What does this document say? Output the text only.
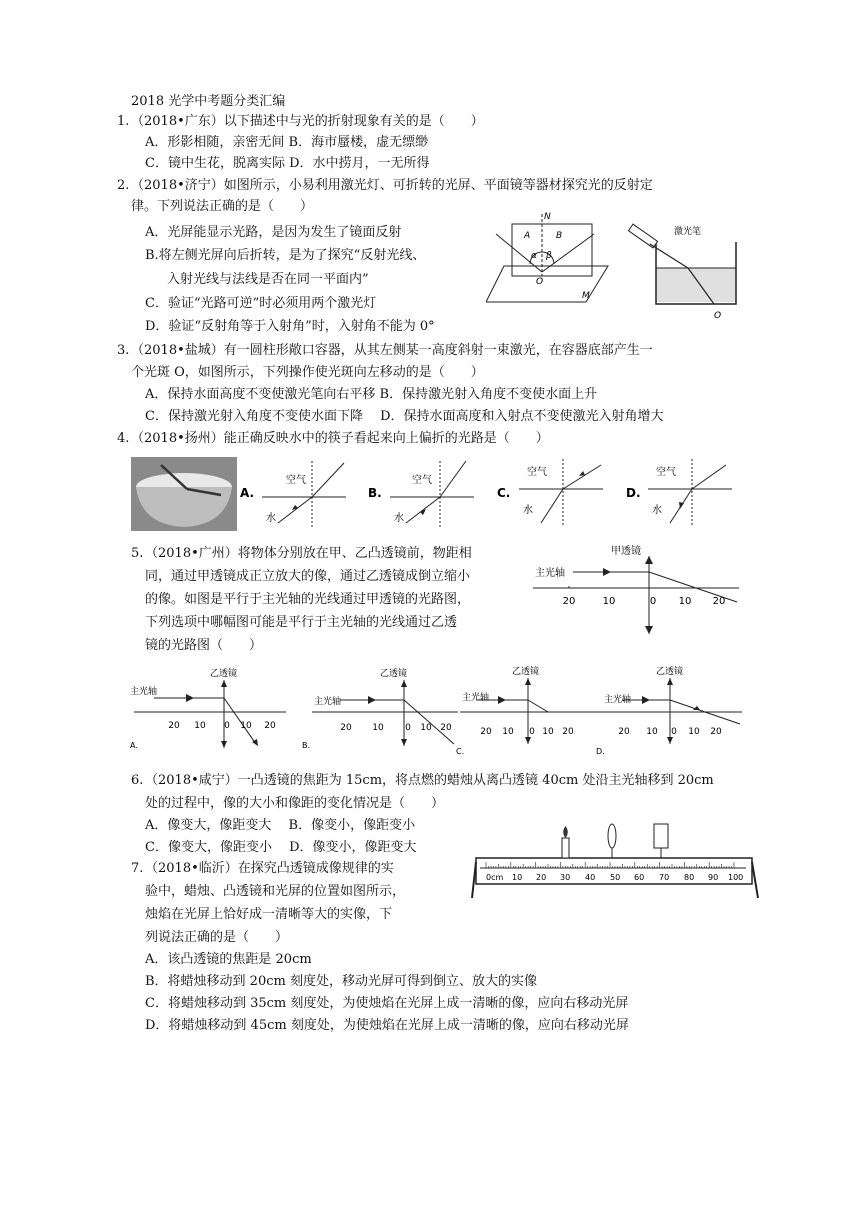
2018 光学中考题分类汇编
1. （2018•广东）以下描述中与光的折射现象有关的是（　　）
A．形影相随，亲密无间 B．海市蜃楼，虚无缥缈
C．镜中生花，脱离实际 D．水中捞月，一无所得
2. （2018•济宁）如图所示，小易利用激光灯、可折转的光屏、平面镜等器材探究光的反射定
律。下列说法正确的是（　　）
A．光屏能显示光路，是因为发生了镜面反射
B.将左侧光屏向后折转，是为了探究“反射光线、
入射光线与法线是否在同一平面内”
C．验证“光路可逆”时必须用两个激光灯
D．验证“反射角等于入射角”时，入射角不能为 0°
N
A	B
α β
O
M
激光笔
O
3. （2018•盐城）有一圆柱形敞口容器，从其左侧某一高度斜射一束激光，在容器底部产生一
个光斑 O，如图所示，下列操作使光斑向左移动的是（　　）
A．保持水面高度不变使激光笔向右平移 B．保持激光射入角度不变使水面上升
C．保持激光射入角度不变使水面下降　 D．保持水面高度和入射点不变使激光入射角增大
4. （2018•扬州）能正确反映水中的筷子看起来向上偏折的光路是（　　）
A.
空气
水
B.
空气
水
C.
空气
水
D.
空气
水
5. （2018•广州）将物体分别放在甲、乙凸透镜前，物距相
同，通过甲透镜成正立放大的像，通过乙透镜成倒立缩小
的像。如图是平行于主光轴的光线通过甲透镜的光路图，
下列选项中哪幅图可能是平行于主光轴的光线通过乙透
镜的光路图（　　）
甲透镜
主光轴
20	10	0 10 20
乙透镜
主光轴
20 10 0 10 20
A.
乙透镜
主光轴
20 10 0 10 20
B.
乙透镜
主光轴
20 10 0 10 20
C.
乙透镜
主光轴
20 10 0 10 20
D.
6. （2018•咸宁）一凸透镜的焦距为 15cm，将点燃的蜡烛从离凸透镜 40cm 处沿主光轴移到 20cm
处的过程中，像的大小和像距的变化情况是（　　）
A．像变大，像距变大　 B．像变小，像距变小
C．像变大，像距变小　 D．像变小，像距变大
0cm 10 20 30 40 50 60 70 80 90 100
7. （2018•临沂）在探究凸透镜成像规律的实
验中，蜡烛、凸透镜和光屏的位置如图所示，
烛焰在光屏上恰好成一清晰等大的实像，下
列说法正确的是（　　）
A．该凸透镜的焦距是 20cm
B．将蜡烛移动到 20cm 刻度处，移动光屏可得到倒立、放大的实像
C．将蜡烛移动到 35cm 刻度处，为使烛焰在光屏上成一清晰的像，应向右移动光屏
D．将蜡烛移动到 45cm 刻度处，为使烛焰在光屏上成一清晰的像，应向右移动光屏
